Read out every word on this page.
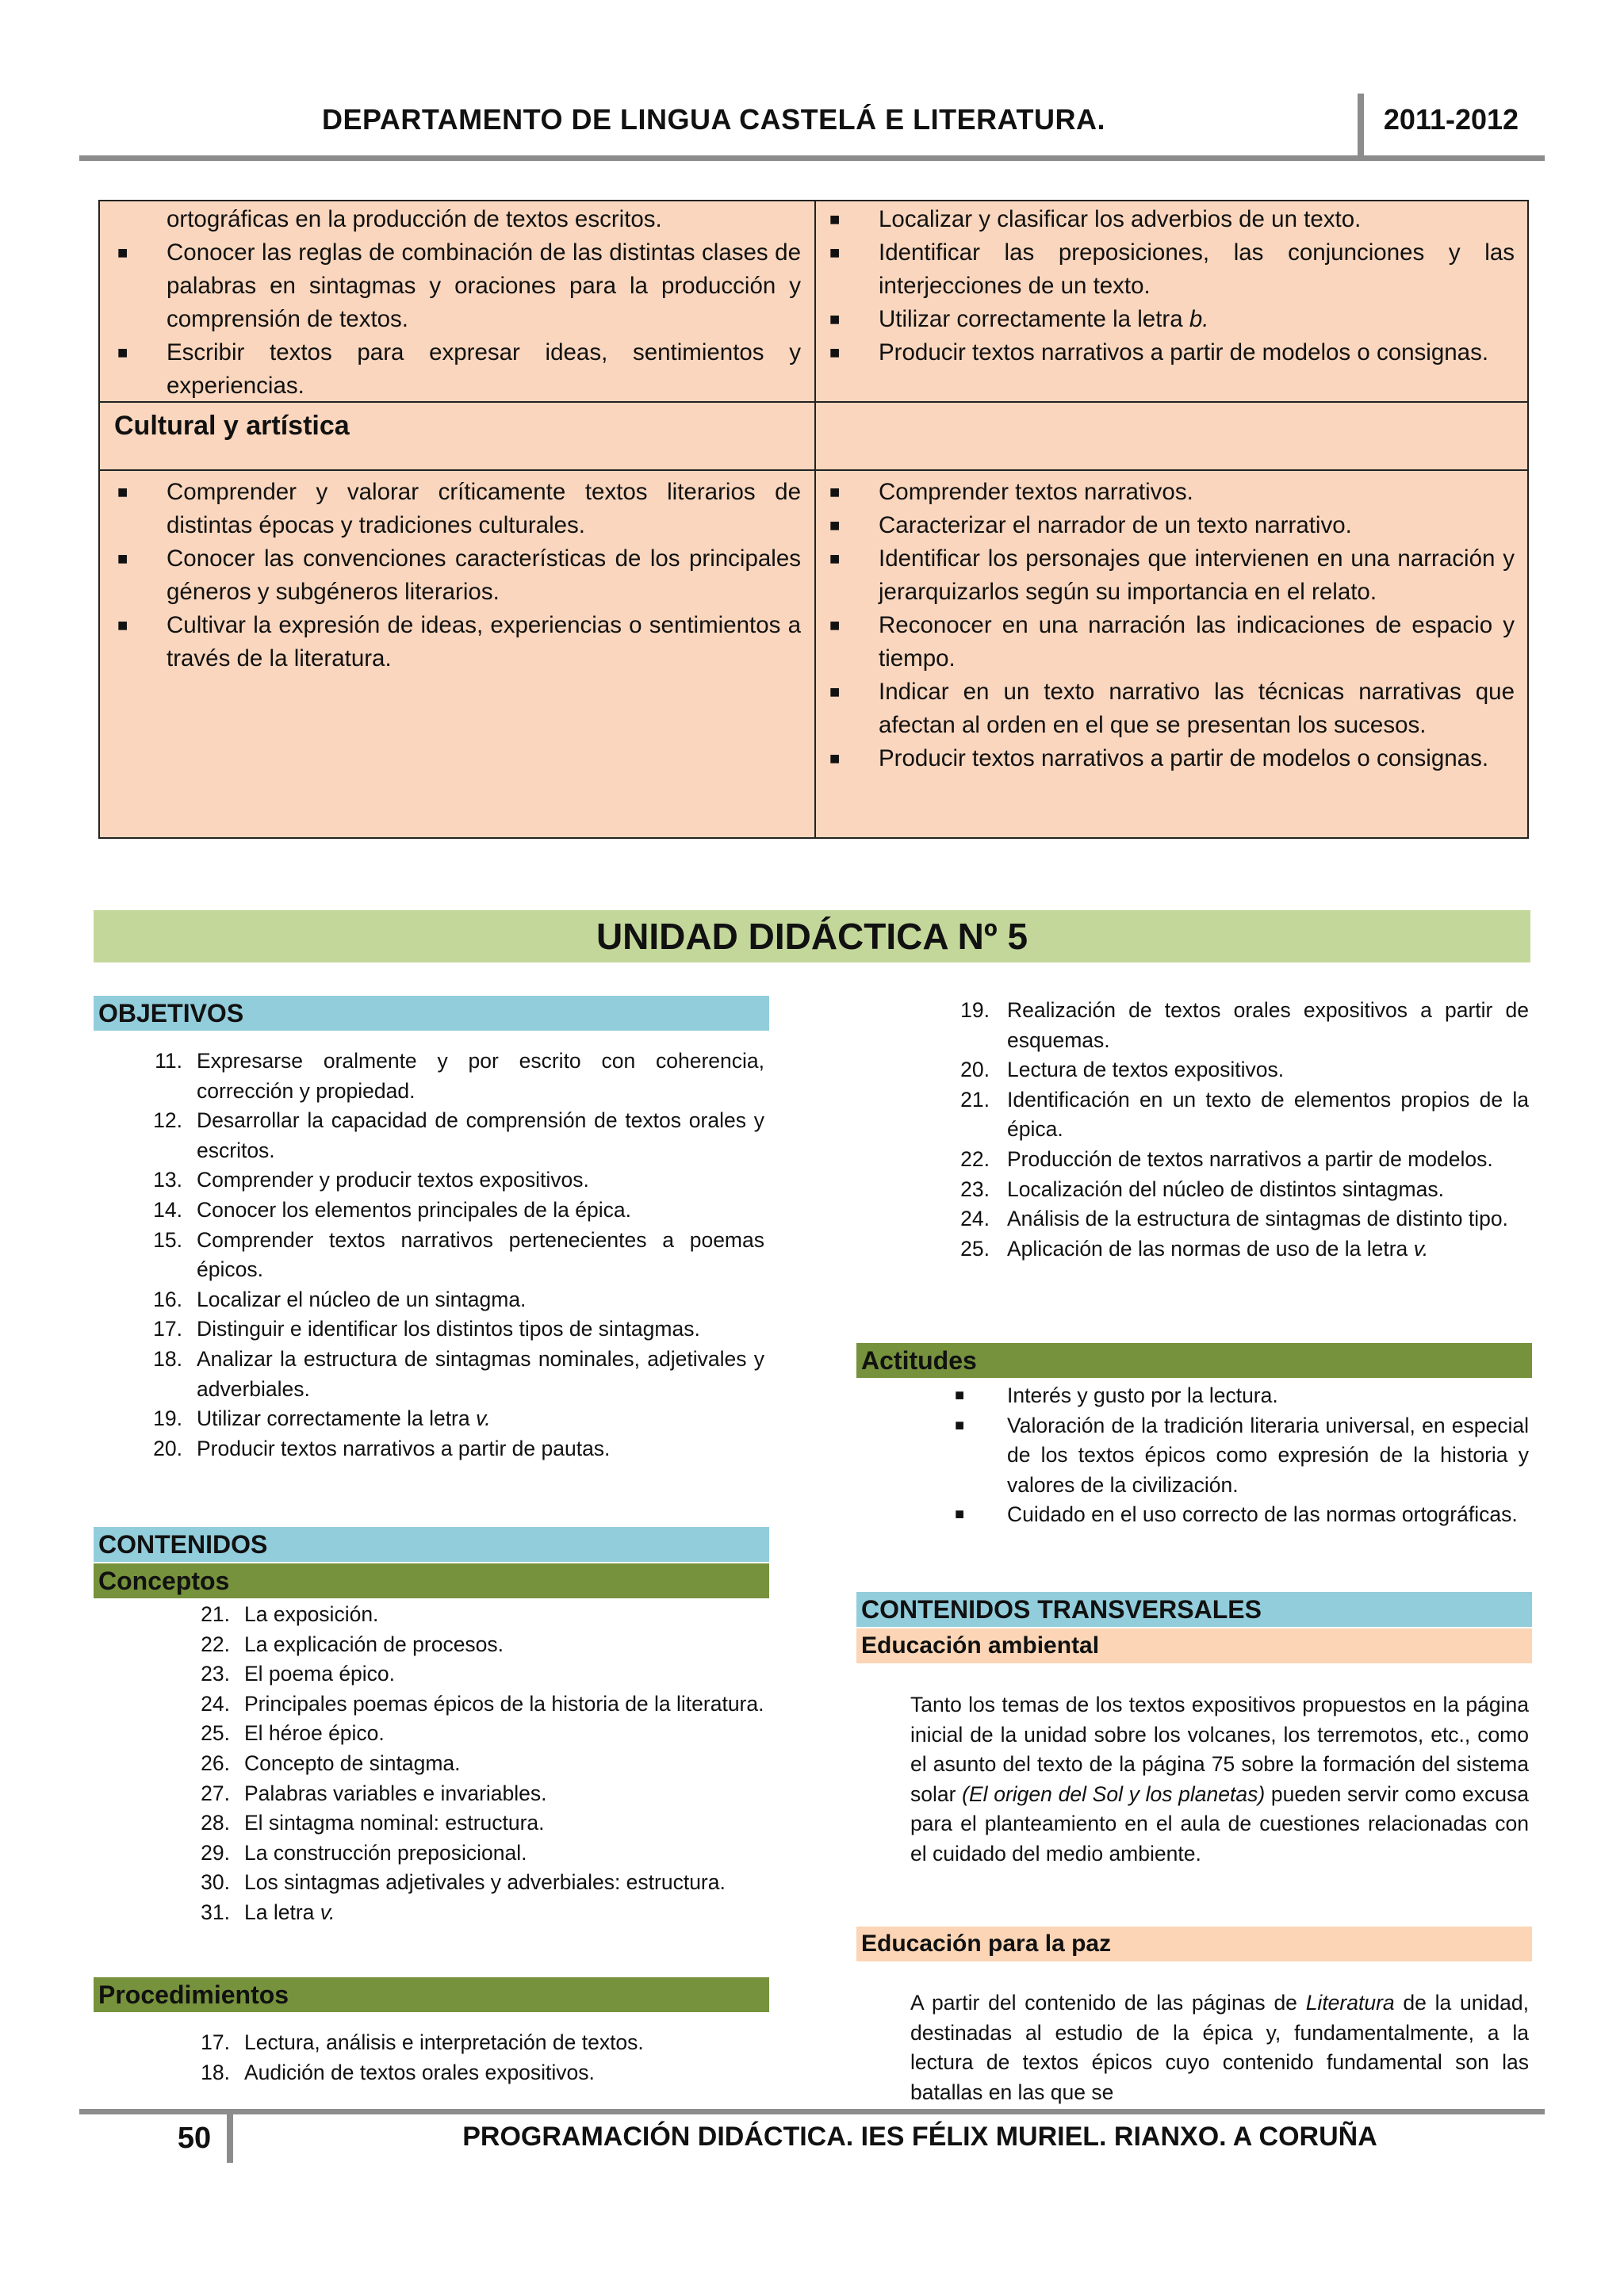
DEPARTAMENTO DE LINGUA CASTELÁ E LITERATURA.	2011-2012
ortográficas en la producción de textos escritos.
■ Conocer las reglas de combinación de las distintas clases de palabras en sintagmas y oraciones para la producción y comprensión de textos.
■ Escribir textos para expresar ideas, sentimientos y experiencias.
■ Localizar y clasificar los adverbios de un texto.
■ Identificar las preposiciones, las conjunciones y las interjecciones de un texto.
■ Utilizar correctamente la letra b.
■ Producir textos narrativos a partir de modelos o consignas.
Cultural y artística
■ Comprender y valorar críticamente textos literarios de distintas épocas y tradiciones culturales.
■ Conocer las convenciones características de los principales géneros y subgéneros literarios.
■ Cultivar la expresión de ideas, experiencias o sentimientos a través de la literatura.
■ Comprender textos narrativos.
■ Caracterizar el narrador de un texto narrativo.
■ Identificar los personajes que intervienen en una narración y jerarquizarlos según su importancia en el relato.
■ Reconocer en una narración las indicaciones de espacio y tiempo.
■ Indicar en un texto narrativo las técnicas narrativas que afectan al orden en el que se presentan los sucesos.
■ Producir textos narrativos a partir de modelos o consignas.
UNIDAD DIDÁCTICA Nº 5
OBJETIVOS
11. Expresarse oralmente y por escrito con coherencia, corrección y propiedad.
12. Desarrollar la capacidad de comprensión de textos orales y escritos.
13. Comprender y producir textos expositivos.
14. Conocer los elementos principales de la épica.
15. Comprender textos narrativos pertenecientes a poemas épicos.
16. Localizar el núcleo de un sintagma.
17. Distinguir e identificar los distintos tipos de sintagmas.
18. Analizar la estructura de sintagmas nominales, adjetivales y adverbiales.
19. Utilizar correctamente la letra v.
20. Producir textos narrativos a partir de pautas.
CONTENIDOS
Conceptos
21. La exposición.
22. La explicación de procesos.
23. El poema épico.
24. Principales poemas épicos de la historia de la literatura.
25. El héroe épico.
26. Concepto de sintagma.
27. Palabras variables e invariables.
28. El sintagma nominal: estructura.
29. La construcción preposicional.
30. Los sintagmas adjetivales y adverbiales: estructura.
31. La letra v.
Procedimientos
17. Lectura, análisis e interpretación de textos.
18. Audición de textos orales expositivos.
19. Realización de textos orales expositivos a partir de esquemas.
20. Lectura de textos expositivos.
21. Identificación en un texto de elementos propios de la épica.
22. Producción de textos narrativos a partir de modelos.
23. Localización del núcleo de distintos sintagmas.
24. Análisis de la estructura de sintagmas de distinto tipo.
25. Aplicación de las normas de uso de la letra v.
Actitudes
■ Interés y gusto por la lectura.
■ Valoración de la tradición literaria universal, en especial de los textos épicos como expresión de la historia y valores de la civilización.
■ Cuidado en el uso correcto de las normas ortográficas.
CONTENIDOS TRANSVERSALES
Educación ambiental
Tanto los temas de los textos expositivos propuestos en la página inicial de la unidad sobre los volcanes, los terremotos, etc., como el asunto del texto de la página 75 sobre la formación del sistema solar (El origen del Sol y los planetas) pueden servir como excusa para el planteamiento en el aula de cuestiones relacionadas con el cuidado del medio ambiente.
Educación para la paz
A partir del contenido de las páginas de Literatura de la unidad, destinadas al estudio de la épica y, fundamentalmente, a la lectura de textos épicos cuyo contenido fundamental son las batallas en las que se
50	PROGRAMACIÓN DIDÁCTICA. IES FÉLIX MURIEL. RIANXO. A CORUÑA
